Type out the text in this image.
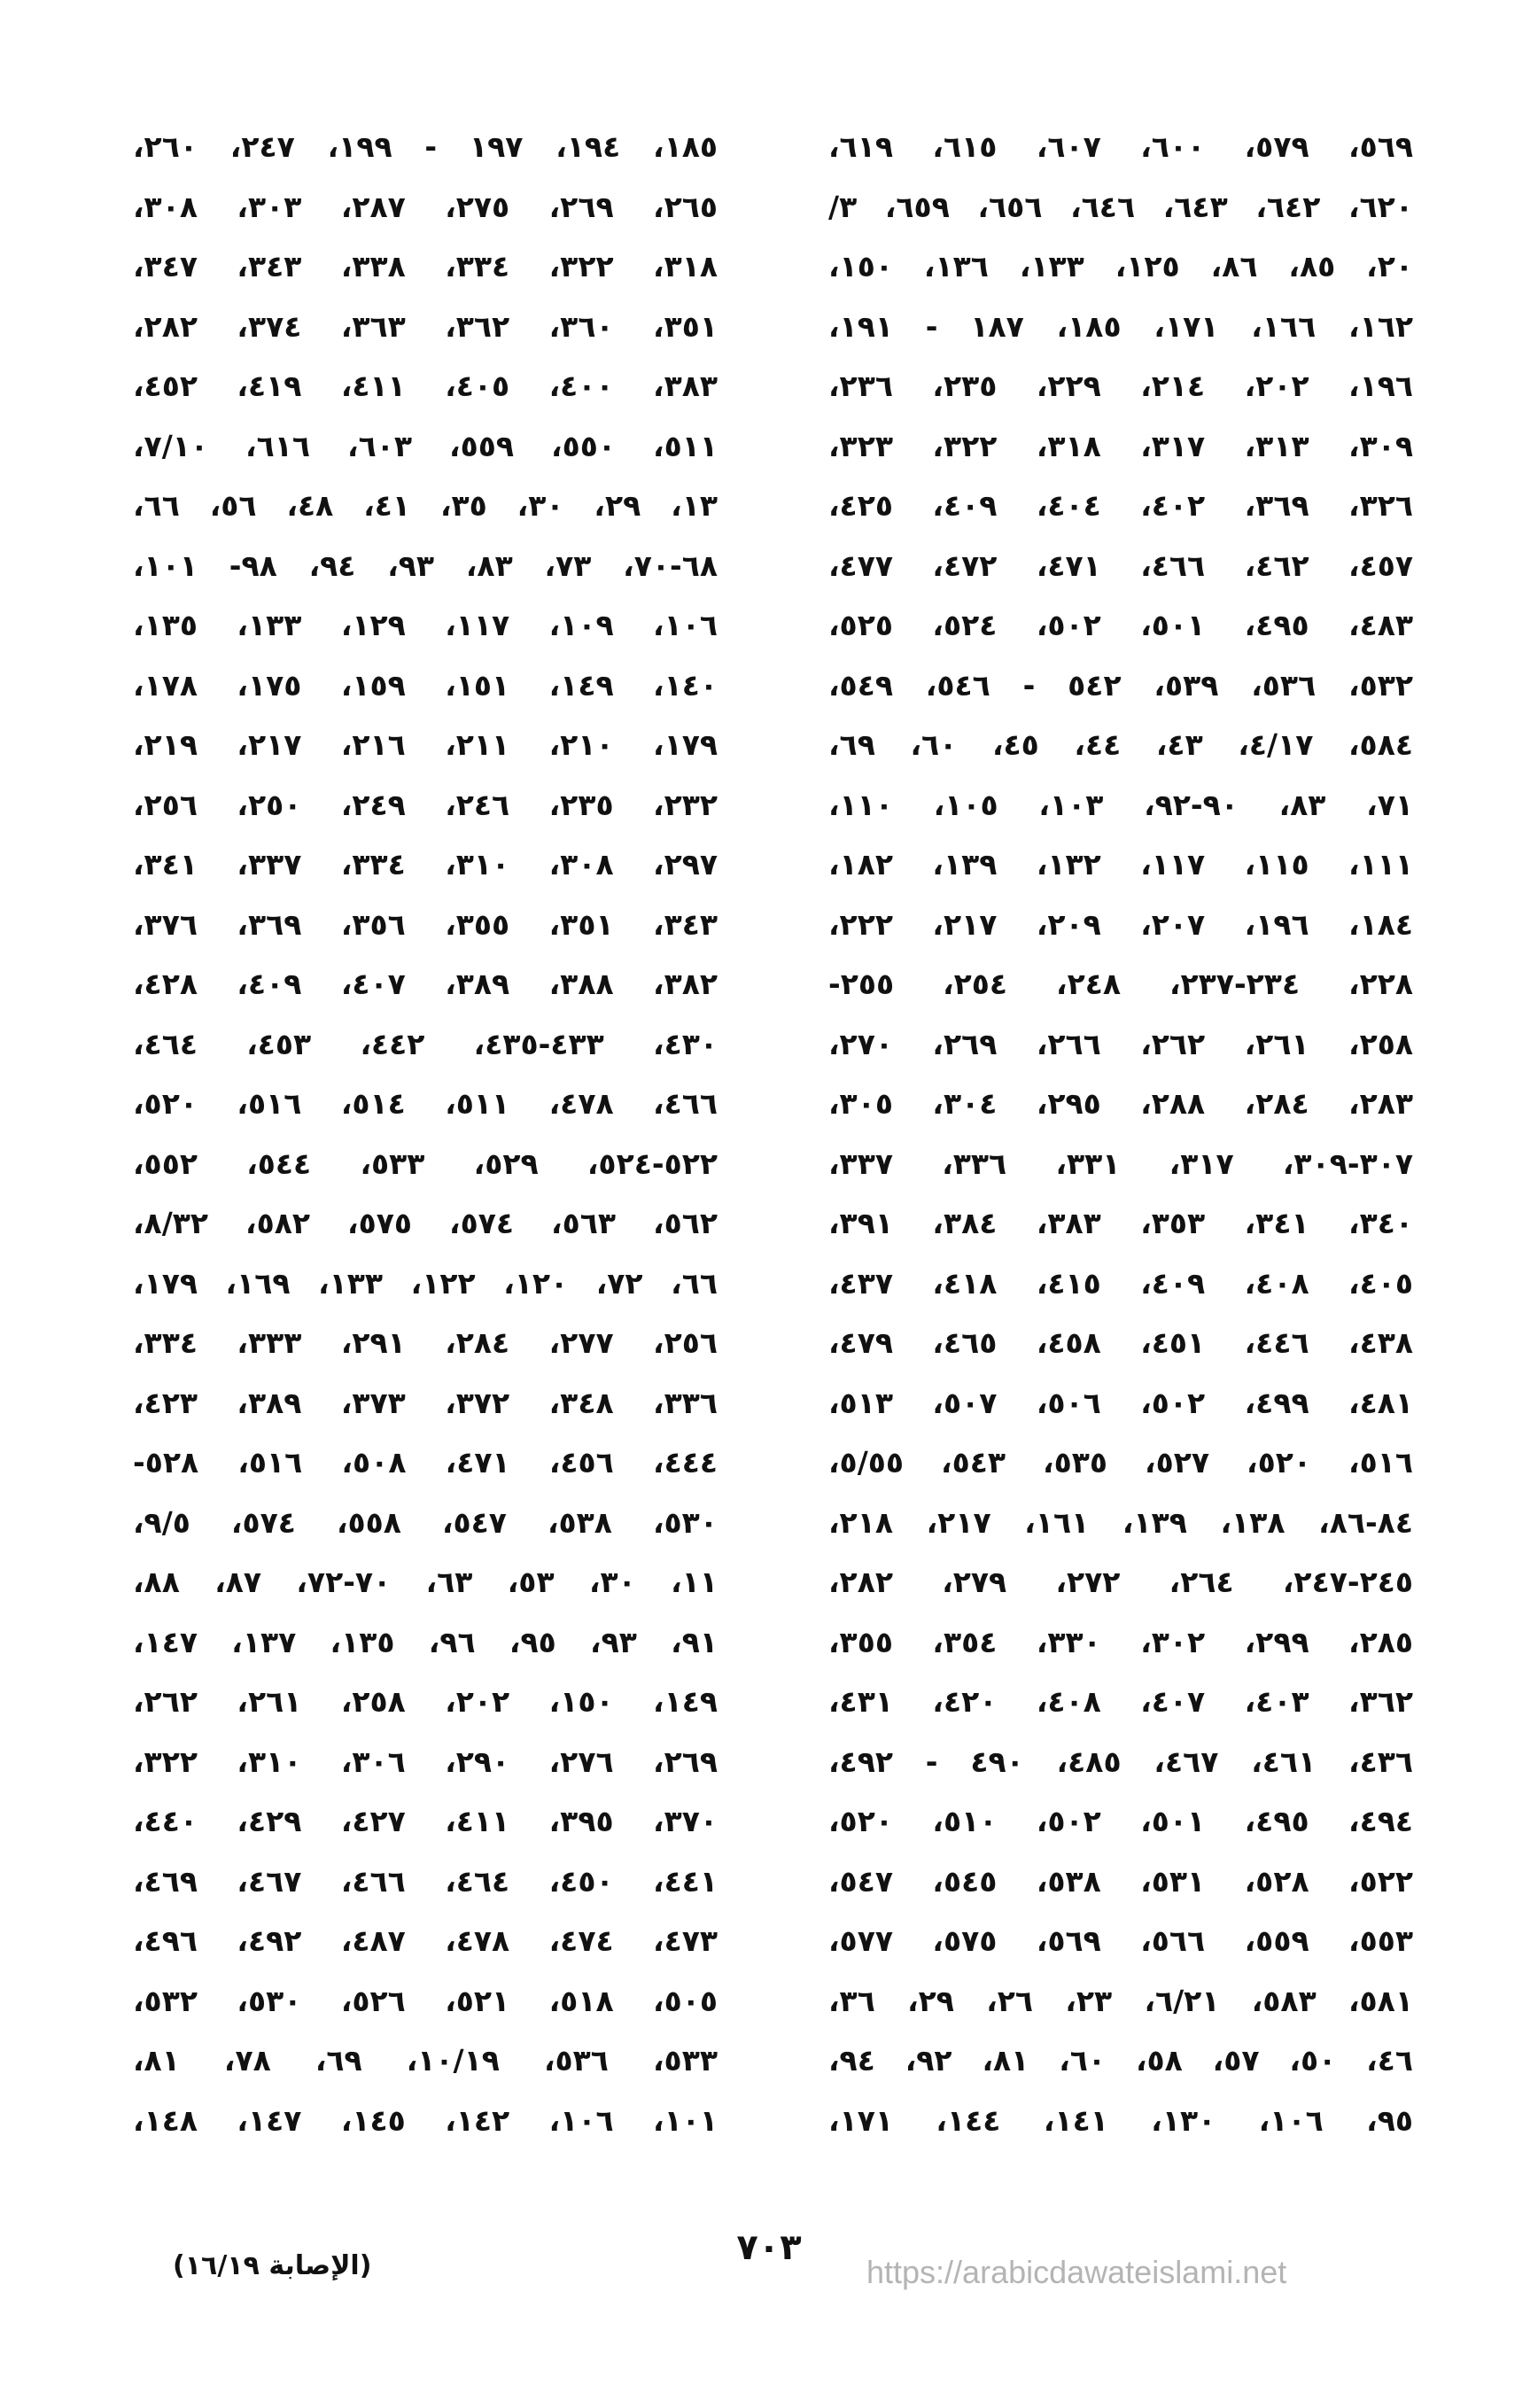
٥٦٩، ٥٧٩، ٦٠٠، ٦٠٧، ٦١٥، ٦١٩،
٦٢٠، ٦٤٢، ٦٤٣، ٦٤٦، ٦٥٦، ٦٥٩، ٣/
٢٠، ٨٥، ٨٦، ١٢٥، ١٣٣، ١٣٦، ١٥٠،
١٦٢، ١٦٦، ١٧١، ١٨٥، ١٨٧ - ١٩١،
١٩٦، ٢٠٢، ٢١٤، ٢٢٩، ٢٣٥، ٢٣٦،
٣٠٩، ٣١٣، ٣١٧، ٣١٨، ٣٢٢، ٣٢٣،
٣٢٦، ٣٦٩، ٤٠٢، ٤٠٤، ٤٠٩، ٤٢٥،
٤٥٧، ٤٦٢، ٤٦٦، ٤٧١، ٤٧٢، ٤٧٧،
٤٨٣، ٤٩٥، ٥٠١، ٥٠٢، ٥٢٤، ٥٢٥،
٥٣٢، ٥٣٦، ٥٣٩، ٥٤٢ - ٥٤٦، ٥٤٩،
٥٨٤، ٤/١٧، ٤٣، ٤٤، ٤٥، ٦٠، ٦٩،
٧١، ٨٣، ٩٠-٩٢، ١٠٣، ١٠٥، ١١٠،
١١١، ١١٥، ١١٧، ١٣٢، ١٣٩، ١٨٢،
١٨٤، ١٩٦، ٢٠٧، ٢٠٩، ٢١٧، ٢٢٢،
٢٢٨، ٢٣٤-٢٣٧، ٢٤٨، ٢٥٤، ٢٥٥-
٢٥٨، ٢٦١، ٢٦٢، ٢٦٦، ٢٦٩، ٢٧٠،
٢٨٣، ٢٨٤، ٢٨٨، ٢٩٥، ٣٠٤، ٣٠٥،
٣٠٧-٣٠٩، ٣١٧، ٣٣١، ٣٣٦، ٣٣٧،
٣٤٠، ٣٤١، ٣٥٣، ٣٨٣، ٣٨٤، ٣٩١،
٤٠٥، ٤٠٨، ٤٠٩، ٤١٥، ٤١٨، ٤٣٧،
٤٣٨، ٤٤٦، ٤٥١، ٤٥٨، ٤٦٥، ٤٧٩،
٤٨١، ٤٩٩، ٥٠٢، ٥٠٦، ٥٠٧، ٥١٣،
٥١٦، ٥٢٠، ٥٢٧، ٥٣٥، ٥٤٣، ٥/٥٥،
٨٤-٨٦، ١٣٨، ١٣٩، ١٦١، ٢١٧، ٢١٨،
٢٤٥-٢٤٧، ٢٦٤، ٢٧٢، ٢٧٩، ٢٨٢،
٢٨٥، ٢٩٩، ٣٠٢، ٣٣٠، ٣٥٤، ٣٥٥،
٣٦٢، ٤٠٣، ٤٠٧، ٤٠٨، ٤٢٠، ٤٣١،
٤٣٦، ٤٦١، ٤٦٧، ٤٨٥، ٤٩٠ - ٤٩٢،
٤٩٤، ٤٩٥، ٥٠١، ٥٠٢، ٥١٠، ٥٢٠،
٥٢٢، ٥٢٨، ٥٣١، ٥٣٨، ٥٤٥، ٥٤٧،
٥٥٣، ٥٥٩، ٥٦٦، ٥٦٩، ٥٧٥، ٥٧٧،
٥٨١، ٥٨٣، ٦/٢١، ٢٣، ٢٦، ٢٩، ٣٦،
٤٦، ٥٠، ٥٧، ٥٨، ٦٠، ٨١، ٩٢، ٩٤،
٩٥، ١٠٦، ١٣٠، ١٤١، ١٤٤، ١٧١،
١٨٥، ١٩٤، ١٩٧ - ١٩٩، ٢٤٧، ٢٦٠،
٢٦٥، ٢٦٩، ٢٧٥، ٢٨٧، ٣٠٣، ٣٠٨،
٣١٨، ٣٢٢، ٣٣٤، ٣٣٨، ٣٤٣، ٣٤٧،
٣٥١، ٣٦٠، ٣٦٢، ٣٦٣، ٣٧٤، ٢٨٢،
٣٨٣، ٤٠٠، ٤٠٥، ٤١١، ٤١٩، ٤٥٢،
٥١١، ٥٥٠، ٥٥٩، ٦٠٣، ٦١٦، ٧/١٠،
١٣، ٢٩، ٣٠، ٣٥، ٤١، ٤٨، ٥٦، ٦٦،
٦٨-٧٠، ٧٣، ٨٣، ٩٣، ٩٤، ٩٨- ١٠١،
١٠٦، ١٠٩، ١١٧، ١٢٩، ١٣٣، ١٣٥،
١٤٠، ١٤٩، ١٥١، ١٥٩، ١٧٥، ١٧٨،
١٧٩، ٢١٠، ٢١١، ٢١٦، ٢١٧، ٢١٩،
٢٣٢، ٢٣٥، ٢٤٦، ٢٤٩، ٢٥٠، ٢٥٦،
٢٩٧، ٣٠٨، ٣١٠، ٣٣٤، ٣٣٧، ٣٤١،
٣٤٣، ٣٥١، ٣٥٥، ٣٥٦، ٣٦٩، ٣٧٦،
٣٨٢، ٣٨٨، ٣٨٩، ٤٠٧، ٤٠٩، ٤٢٨،
٤٣٠، ٤٣٣-٤٣٥، ٤٤٢، ٤٥٣، ٤٦٤،
٤٦٦، ٤٧٨، ٥١١، ٥١٤، ٥١٦، ٥٢٠،
٥٢٢-٥٢٤، ٥٢٩، ٥٣٣، ٥٤٤، ٥٥٢،
٥٦٢، ٥٦٣، ٥٧٤، ٥٧٥، ٥٨٢، ٨/٣٢،
٦٦، ٧٢، ١٢٠، ١٢٢، ١٣٣، ١٦٩، ١٧٩،
٢٥٦، ٢٧٧، ٢٨٤، ٢٩١، ٣٣٣، ٣٣٤،
٣٣٦، ٣٤٨، ٣٧٢، ٣٧٣، ٣٨٩، ٤٢٣،
٤٤٤، ٤٥٦، ٤٧١، ٥٠٨، ٥١٦، ٥٢٨-
٥٣٠، ٥٣٨، ٥٤٧، ٥٥٨، ٥٧٤، ٩/٥،
١١، ٣٠، ٥٣، ٦٣، ٧٠-٧٢، ٨٧، ٨٨،
٩١، ٩٣، ٩٥، ٩٦، ١٣٥، ١٣٧، ١٤٧،
١٤٩، ١٥٠، ٢٠٢، ٢٥٨، ٢٦١، ٢٦٢،
٢٦٩، ٢٧٦، ٢٩٠، ٣٠٦، ٣١٠، ٣٢٢،
٣٧٠، ٣٩٥، ٤١١، ٤٢٧، ٤٢٩، ٤٤٠،
٤٤١، ٤٥٠، ٤٦٤، ٤٦٦، ٤٦٧، ٤٦٩،
٤٧٣، ٤٧٤، ٤٧٨، ٤٨٧، ٤٩٢، ٤٩٦،
٥٠٥، ٥١٨، ٥٢١، ٥٢٦، ٥٣٠، ٥٣٢،
٥٣٣، ٥٣٦، ١٠/١٩، ٦٩، ٧٨، ٨١،
١٠١، ١٠٦، ١٤٢، ١٤٥، ١٤٧، ١٤٨،
٧٠٣
(الإصابة ١٦/١٩)	https://arabicdawateislami.net
